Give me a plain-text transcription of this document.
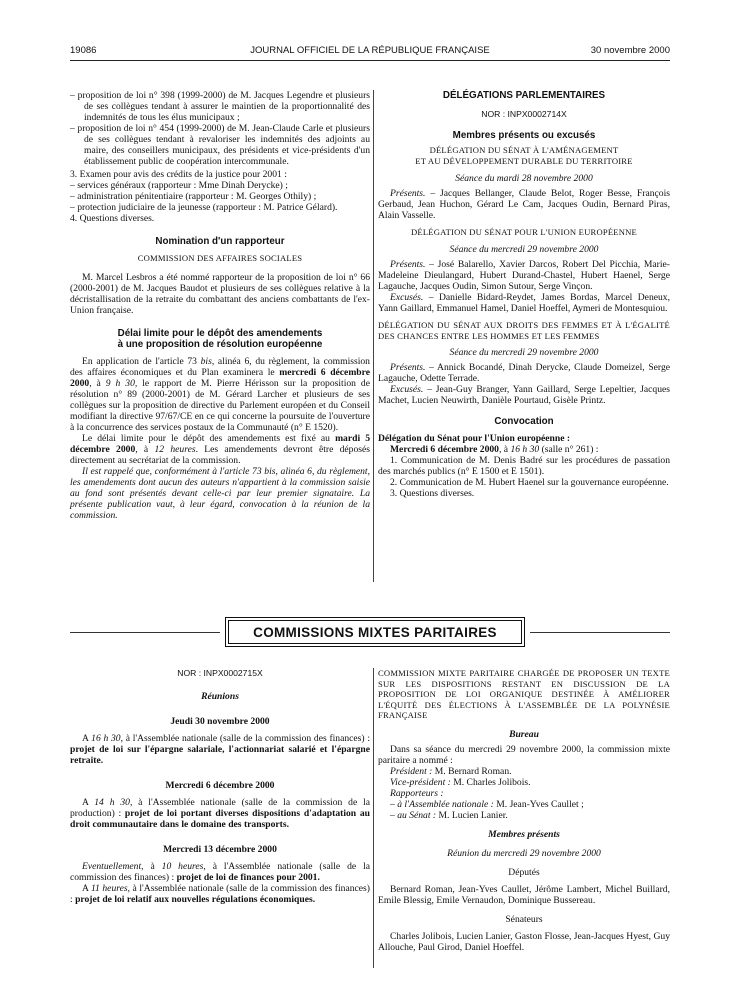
19086	JOURNAL OFFICIEL DE LA RÉPUBLIQUE FRANÇAISE	30 novembre 2000

– proposition de loi n° 398 (1999-2000) de M. Jacques Legendre et plusieurs de ses collègues tendant à assurer le maintien de la proportionnalité des indemnités de tous les élus municipaux ;

– proposition de loi n° 454 (1999-2000) de M. Jean-Claude Carle et plusieurs de ses collègues tendant à revaloriser les indemnités des adjoints au maire, des conseillers municipaux, des présidents et vice-présidents d'un établissement public de coopération intercommunale.

3. Examen pour avis des crédits de la justice pour 2001 :

– services généraux (rapporteur : Mme Dinah Derycke) ;

– administration pénitentiaire (rapporteur : M. Georges Othily) ;

– protection judiciaire de la jeunesse (rapporteur : M. Patrice Gélard).

4. Questions diverses.

Nomination d'un rapporteur

COMMISSION DES AFFAIRES SOCIALES

M. Marcel Lesbros a été nommé rapporteur de la proposition de loi n° 66 (2000-2001) de M. Jacques Baudot et plusieurs de ses collègues relative à la décristallisation de la retraite du combattant des anciens combattants de l'ex-Union française.

Délai limite pour le dépôt des amendements

à une proposition de résolution européenne

En application de l'article 73 bis, alinéa 6, du règlement, la commission des affaires économiques et du Plan examinera le mercredi 6 décembre 2000, à 9 h 30, le rapport de M. Pierre Hérisson sur la proposition de résolution n° 89 (2000-2001) de M. Gérard Larcher et plusieurs de ses collègues sur la proposition de directive du Parlement européen et du Conseil modifiant la directive 97/67/CE en ce qui concerne la poursuite de l'ouverture à la concurrence des services postaux de la Communauté (n° E 1520).

Le délai limite pour le dépôt des amendements est fixé au mardi 5 décembre 2000, à 12 heures. Les amendements devront être déposés directement au secrétariat de la commission.

Il est rappelé que, conformément à l'article 73 bis, alinéa 6, du règlement, les amendements dont aucun des auteurs n'appartient à la commission saisie au fond sont présentés devant celle-ci par leur premier signataire. La présente publication vaut, à leur égard, convocation à la réunion de la commission.

DÉLÉGATIONS PARLEMENTAIRES

NOR : INPX0002714X

Membres présents ou excusés

DÉLÉGATION DU SÉNAT À L'AMÉNAGEMENT

ET AU DÉVELOPPEMENT DURABLE DU TERRITOIRE

Séance du mardi 28 novembre 2000

Présents. – Jacques Bellanger, Claude Belot, Roger Besse, François Gerbaud, Jean Huchon, Gérard Le Cam, Jacques Oudin, Bernard Piras, Alain Vasselle.

DÉLÉGATION DU SÉNAT POUR L'UNION EUROPÉENNE

Séance du mercredi 29 novembre 2000

Présents. – José Balarello, Xavier Darcos, Robert Del Picchia, Marie-Madeleine Dieulangard, Hubert Durand-Chastel, Hubert Haenel, Serge Lagauche, Jacques Oudin, Simon Sutour, Serge Vinçon.

Excusés. – Danielle Bidard-Reydet, James Bordas, Marcel Deneux, Yann Gaillard, Emmanuel Hamel, Daniel Hoeffel, Aymeri de Montesquiou.

DÉLÉGATION DU SÉNAT AUX DROITS DES FEMMES ET À L'ÉGALITÉ DES CHANCES ENTRE LES HOMMES ET LES FEMMES

Séance du mercredi 29 novembre 2000

Présents. – Annick Bocandé, Dinah Derycke, Claude Domeizel, Serge Lagauche, Odette Terrade.

Excusés. – Jean-Guy Branger, Yann Gaillard, Serge Lepeltier, Jacques Machet, Lucien Neuwirth, Danièle Pourtaud, Gisèle Printz.

Convocation

Délégation du Sénat pour l'Union européenne :

Mercredi 6 décembre 2000, à 16 h 30 (salle n° 261) :

1. Communication de M. Denis Badré sur les procédures de passation des marchés publics (n° E 1500 et E 1501).

2. Communication de M. Hubert Haenel sur la gouvernance européenne.

3. Questions diverses.

COMMISSIONS MIXTES PARITAIRES

NOR : INPX0002715X

Réunions

Jeudi 30 novembre 2000

A 16 h 30, à l'Assemblée nationale (salle de la commission des finances) : projet de loi sur l'épargne salariale, l'actionnariat salarié et l'épargne retraite.

Mercredi 6 décembre 2000

A 14 h 30, à l'Assemblée nationale (salle de la commission de la production) : projet de loi portant diverses dispositions d'adaptation au droit communautaire dans le domaine des transports.

Mercredi 13 décembre 2000

Eventuellement, à 10 heures, à l'Assemblée nationale (salle de la commission des finances) : projet de loi de finances pour 2001.

A 11 heures, à l'Assemblée nationale (salle de la commission des finances) : projet de loi relatif aux nouvelles régulations économiques.

COMMISSION MIXTE PARITAIRE CHARGÉE DE PROPOSER UN TEXTE SUR LES DISPOSITIONS RESTANT EN DISCUSSION DE LA PROPOSITION DE LOI ORGANIQUE DESTINÉE À AMÉLIORER L'ÉQUITÉ DES ÉLECTIONS À L'ASSEMBLÉE DE LA POLYNÉSIE FRANÇAISE

Bureau

Dans sa séance du mercredi 29 novembre 2000, la commission mixte paritaire a nommé :

Président : M. Bernard Roman.

Vice-président : M. Charles Jolibois.

Rapporteurs :

– à l'Assemblée nationale : M. Jean-Yves Caullet ;

– au Sénat : M. Lucien Lanier.

Membres présents

Réunion du mercredi 29 novembre 2000

Députés

Bernard Roman, Jean-Yves Caullet, Jérôme Lambert, Michel Buillard, Emile Blessig, Emile Vernaudon, Dominique Bussereau.

Sénateurs

Charles Jolibois, Lucien Lanier, Gaston Flosse, Jean-Jacques Hyest, Guy Allouche, Paul Girod, Daniel Hoeffel.
